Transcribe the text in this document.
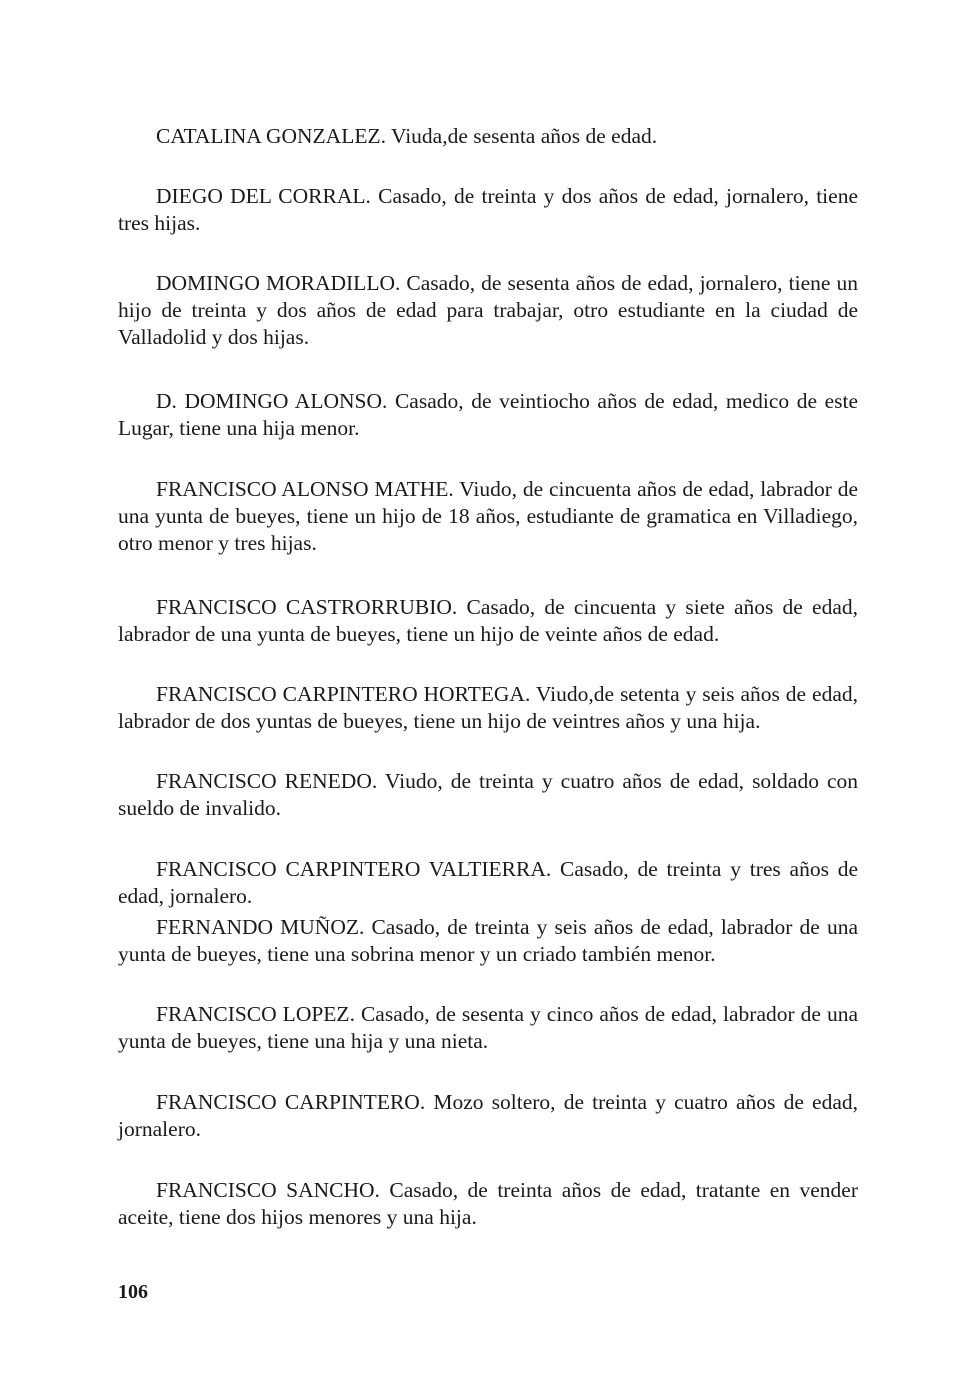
CATALINA GONZALEZ. Viuda,de sesenta años de edad.

DIEGO DEL CORRAL. Casado, de treinta y dos años de edad, jornalero, tiene tres hijas.

DOMINGO MORADILLO. Casado, de sesenta años de edad, jornalero, tiene un hijo de treinta y dos años de edad para trabajar, otro estudiante en la ciudad de Valladolid y dos hijas.

D. DOMINGO ALONSO. Casado, de veintiocho años de edad, medico de este Lugar, tiene una hija menor.

FRANCISCO ALONSO MATHE. Viudo, de cincuenta años de edad, labrador de una yunta de bueyes, tiene un hijo de 18 años, estudiante de gramatica en Villadiego, otro menor y tres hijas.

FRANCISCO CASTRORRUBIO. Casado, de cincuenta y siete años de edad, labrador de una yunta de bueyes, tiene un hijo de veinte años de edad.

FRANCISCO CARPINTERO HORTEGA. Viudo,de setenta y seis años de edad, labrador de dos yuntas de bueyes, tiene un hijo de veintres años y una hija.

FRANCISCO RENEDO. Viudo, de treinta y cuatro años de edad, soldado con sueldo de invalido.

FRANCISCO CARPINTERO VALTIERRA. Casado, de treinta y tres años de edad, jornalero.

FERNANDO MUÑOZ. Casado, de treinta y seis años de edad, labrador de una yunta de bueyes, tiene una sobrina menor y un criado también menor.

FRANCISCO LOPEZ. Casado, de sesenta y cinco años de edad, labrador de una yunta de bueyes, tiene una hija y una nieta.

FRANCISCO CARPINTERO. Mozo soltero, de treinta y cuatro años de edad, jornalero.

FRANCISCO SANCHO. Casado, de treinta años de edad, tratante en vender aceite, tiene dos hijos menores y una hija.

106
